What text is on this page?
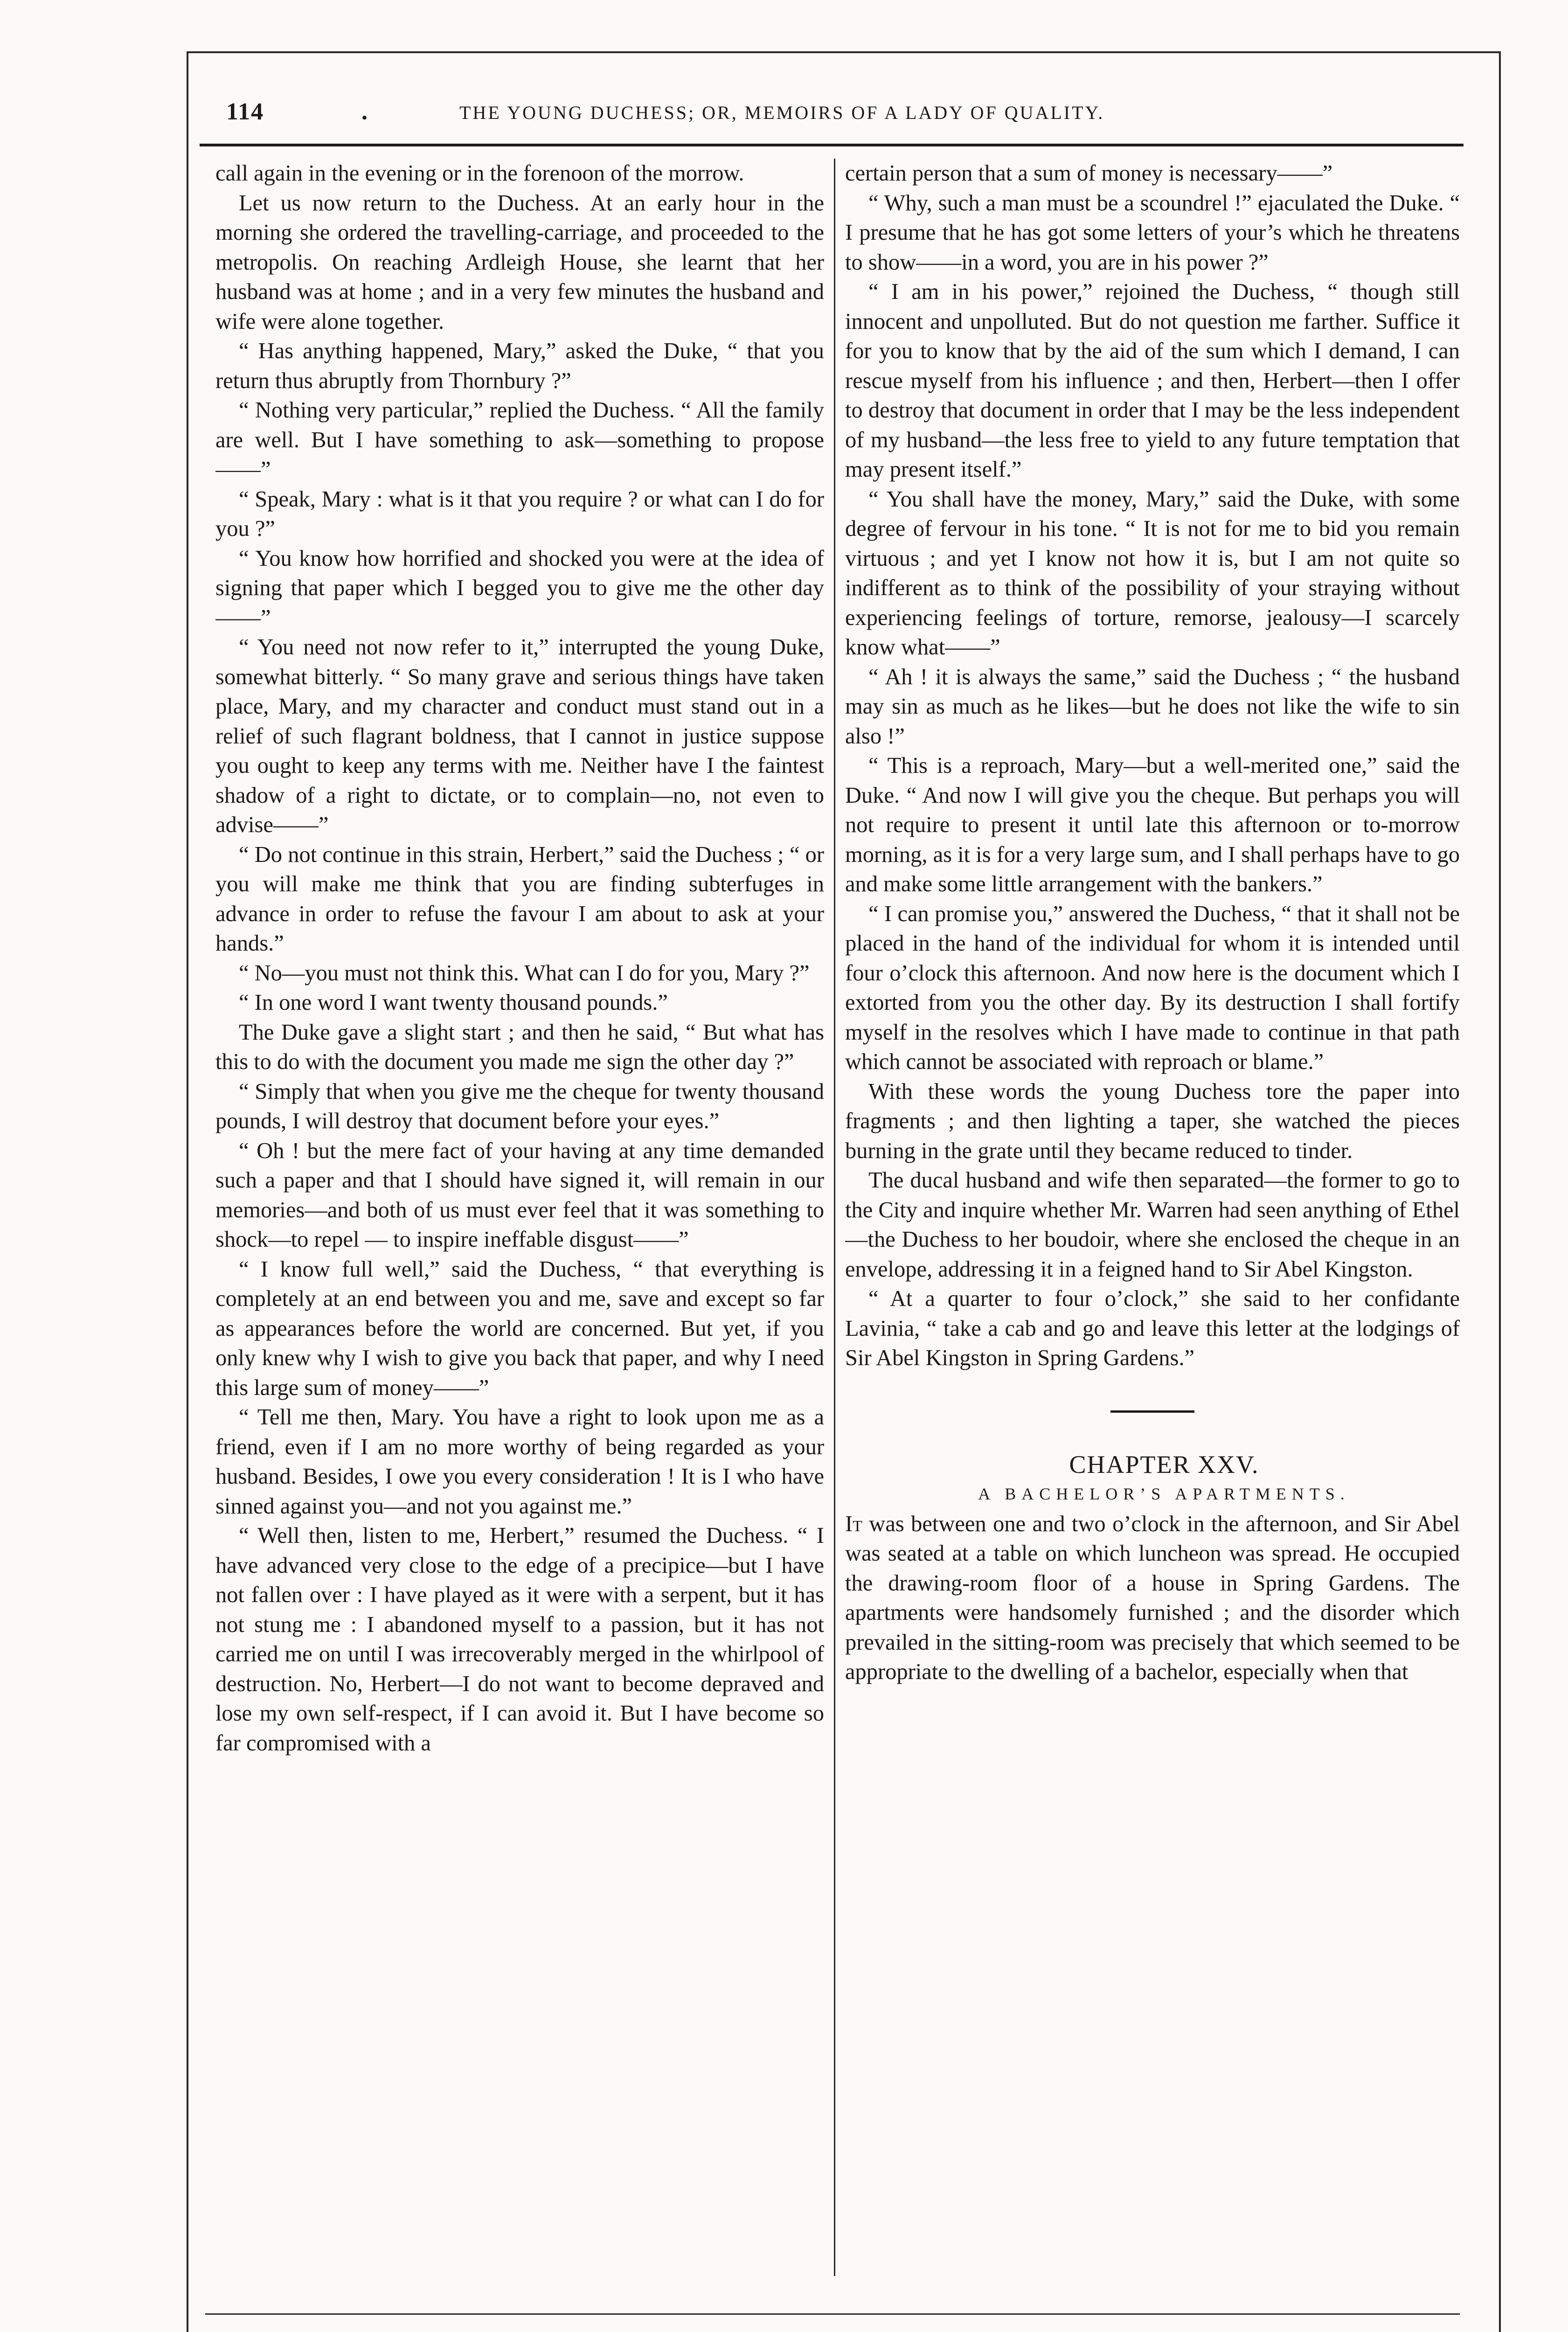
114	.	THE YOUNG DUCHESS; OR, MEMOIRS OF A LADY OF QUALITY.

call again in the evening or in the forenoon of the morrow.

Let us now return to the Duchess. At an early hour in the morning she ordered the travelling-carriage, and proceeded to the metropolis. On reaching Ardleigh House, she learnt that her husband was at home ; and in a very few minutes the husband and wife were alone together.

“ Has anything happened, Mary,” asked the Duke, “ that you return thus abruptly from Thornbury ?”

“ Nothing very particular,” replied the Duchess. “ All the family are well. But I have something to ask—something to propose——”

“ Speak, Mary : what is it that you require ? or what can I do for you ?”

“ You know how horrified and shocked you were at the idea of signing that paper which I begged you to give me the other day——”

“ You need not now refer to it,” interrupted the young Duke, somewhat bitterly. “ So many grave and serious things have taken place, Mary, and my character and conduct must stand out in a relief of such flagrant boldness, that I cannot in justice suppose you ought to keep any terms with me. Neither have I the faintest shadow of a right to dictate, or to complain—no, not even to advise——”

“ Do not continue in this strain, Herbert,” said the Duchess ; “ or you will make me think that you are finding subterfuges in advance in order to refuse the favour I am about to ask at your hands.”

“ No—you must not think this. What can I do for you, Mary ?”

“ In one word I want twenty thousand pounds.”

The Duke gave a slight start ; and then he said, “ But what has this to do with the document you made me sign the other day ?”

“ Simply that when you give me the cheque for twenty thousand pounds, I will destroy that document before your eyes.”

“ Oh ! but the mere fact of your having at any time demanded such a paper and that I should have signed it, will remain in our memories—and both of us must ever feel that it was something to shock—to repel — to inspire ineffable disgust——”

“ I know full well,” said the Duchess, “ that everything is completely at an end between you and me, save and except so far as appearances before the world are concerned. But yet, if you only knew why I wish to give you back that paper, and why I need this large sum of money——”

“ Tell me then, Mary. You have a right to look upon me as a friend, even if I am no more worthy of being regarded as your husband. Besides, I owe you every consideration ! It is I who have sinned against you—and not you against me.”

“ Well then, listen to me, Herbert,” resumed the Duchess. “ I have advanced very close to the edge of a precipice—but I have not fallen over : I have played as it were with a serpent, but it has not stung me : I abandoned myself to a passion, but it has not carried me on until I was irrecoverably merged in the whirlpool of destruction. No, Herbert—I do not want to become depraved and lose my own self-respect, if I can avoid it. But I have become so far compromised with a

certain person that a sum of money is necessary——”

“ Why, such a man must be a scoundrel !” ejaculated the Duke. “ I presume that he has got some letters of your’s which he threatens to show——in a word, you are in his power ?”

“ I am in his power,” rejoined the Duchess, “ though still innocent and unpolluted. But do not question me farther. Suffice it for you to know that by the aid of the sum which I demand, I can rescue myself from his influence ; and then, Herbert—then I offer to destroy that document in order that I may be the less independent of my husband—the less free to yield to any future temptation that may present itself.”

“ You shall have the money, Mary,” said the Duke, with some degree of fervour in his tone. “ It is not for me to bid you remain virtuous ; and yet I know not how it is, but I am not quite so indifferent as to think of the possibility of your straying without experiencing feelings of torture, remorse, jealousy—I scarcely know what——”

“ Ah ! it is always the same,” said the Duchess ; “ the husband may sin as much as he likes—but he does not like the wife to sin also !”

“ This is a reproach, Mary—but a well-merited one,” said the Duke. “ And now I will give you the cheque. But perhaps you will not require to present it until late this afternoon or to-morrow morning, as it is for a very large sum, and I shall perhaps have to go and make some little arrangement with the bankers.”

“ I can promise you,” answered the Duchess, “ that it shall not be placed in the hand of the individual for whom it is intended until four o’clock this afternoon. And now here is the document which I extorted from you the other day. By its destruction I shall fortify myself in the resolves which I have made to continue in that path which cannot be associated with reproach or blame.”

With these words the young Duchess tore the paper into fragments ; and then lighting a taper, she watched the pieces burning in the grate until they became reduced to tinder.

The ducal husband and wife then separated—the former to go to the City and inquire whether Mr. Warren had seen anything of Ethel—the Duchess to her boudoir, where she enclosed the cheque in an envelope, addressing it in a feigned hand to Sir Abel Kingston.

“ At a quarter to four o’clock,” she said to her confidante Lavinia, “ take a cab and go and leave this letter at the lodgings of Sir Abel Kingston in Spring Gardens.”

CHAPTER XXV.

A BACHELOR’S APARTMENTS.

It was between one and two o’clock in the afternoon, and Sir Abel was seated at a table on which luncheon was spread. He occupied the drawing-room floor of a house in Spring Gardens. The apartments were handsomely furnished ; and the disorder which prevailed in the sitting-room was precisely that which seemed to be appropriate to the dwelling of a bachelor, especially when that
